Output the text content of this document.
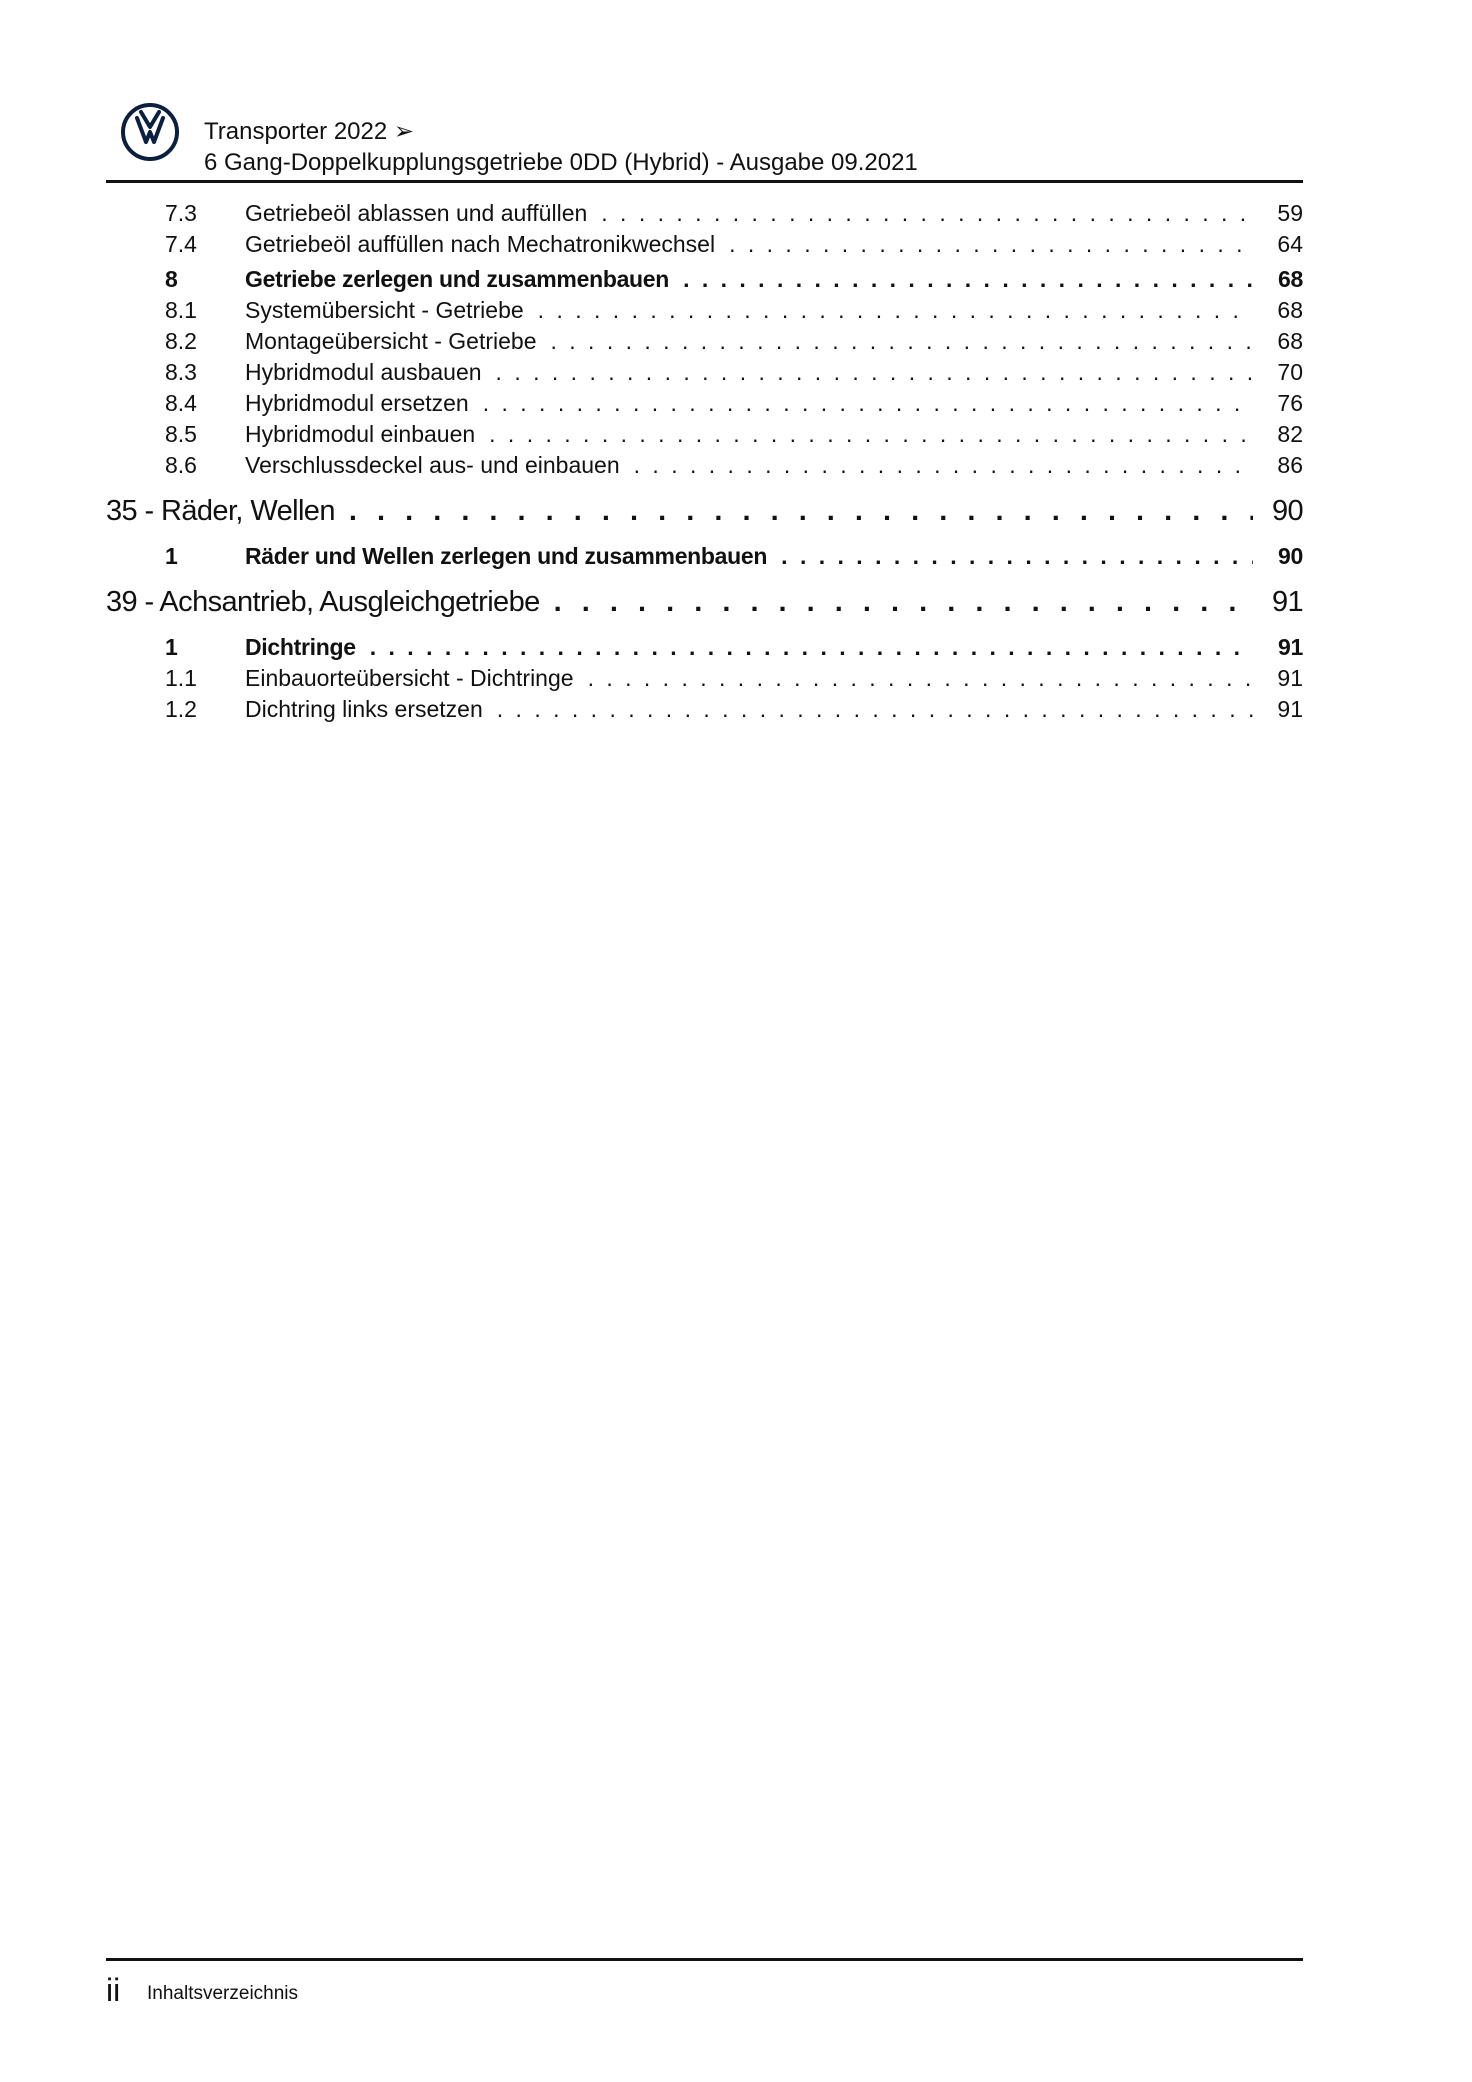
Transporter 2022 ➢
6 Gang-Doppelkupplungsgetriebe 0DD (Hybrid) - Ausgabe 09.2021
7.3	Getriebeöl ablassen und auffüllen . . .	59
7.4	Getriebeöl auffüllen nach Mechatronikwechsel . . .	64
8	Getriebe zerlegen und zusammenbauen . . .	68
8.1	Systemübersicht - Getriebe . . .	68
8.2	Montageübersicht - Getriebe . . .	68
8.3	Hybridmodul ausbauen . . .	70
8.4	Hybridmodul ersetzen . . .	76
8.5	Hybridmodul einbauen . . .	82
8.6	Verschlussdeckel aus- und einbauen . . .	86
35 - Räder, Wellen . . .	90
1	Räder und Wellen zerlegen und zusammenbauen . . .	90
39 - Achsantrieb, Ausgleichgetriebe . . .	91
1	Dichtringe . . .	91
1.1	Einbauorteübersicht - Dichtringe . . .	91
1.2	Dichtring links ersetzen . . .	91
ii Inhaltsverzeichnis
